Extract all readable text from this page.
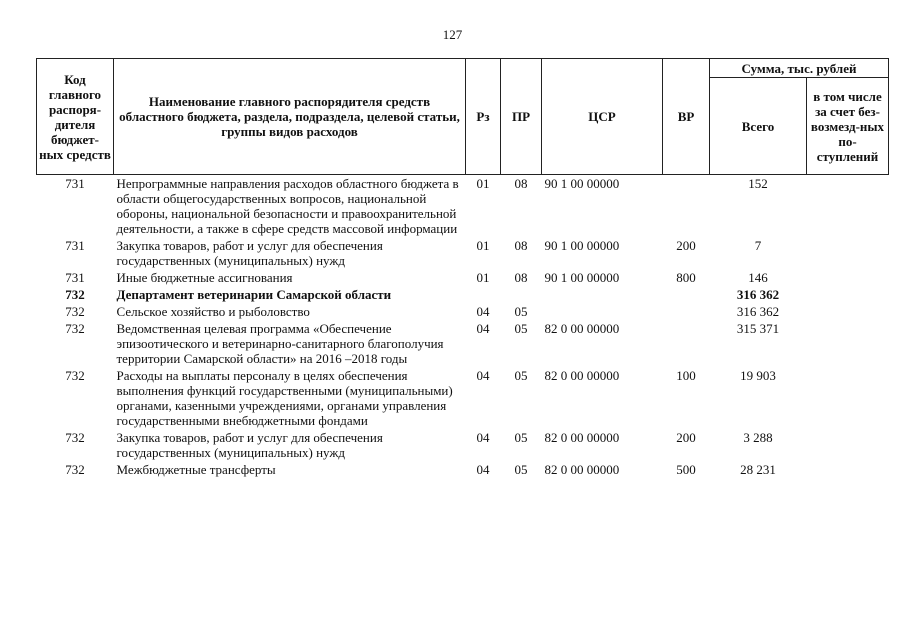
127
Код главного распоря-дителя бюджет-ных средств	Наименование главного распорядителя средств областного бюджета, раздела, подраздела, целевой статьи, группы видов расходов	Рз	ПР	ЦСР	ВР	Сумма, тыс. рублей	
						Всего	в том числе за счет без-возмезд-ных по-ступлений
731	Непрограммные направления расходов областного бюджета в области общегосударственных вопросов, национальной обороны, национальной безопасности и правоохранительной деятельности, а также в сфере средств массовой информации	01	08	90 1 00 00000		152	
731	Закупка товаров, работ и услуг для обеспечения государственных (муниципальных) нужд	01	08	90 1 00 00000	200	7	
731	Иные бюджетные ассигнования	01	08	90 1 00 00000	800	146	
732	Департамент ветеринарии Самарской области					316 362	
732	Сельское хозяйство и рыболовство	04	05			316 362	
732	Ведомственная целевая программа «Обеспечение эпизоотического и ветеринарно-санитарного благополучия территории Самарской области» на 2016 –2018 годы	04	05	82 0 00 00000		315 371	
732	Расходы на выплаты персоналу в целях обеспечения выполнения функций государственными (муниципальными) органами, казенными учреждениями, органами управления государственными внебюджетными фондами	04	05	82 0 00 00000	100	19 903	
732	Закупка товаров, работ и услуг для обеспечения государственных (муниципальных) нужд	04	05	82 0 00 00000	200	3 288	
732	Межбюджетные трансферты	04	05	82 0 00 00000	500	28 231	
